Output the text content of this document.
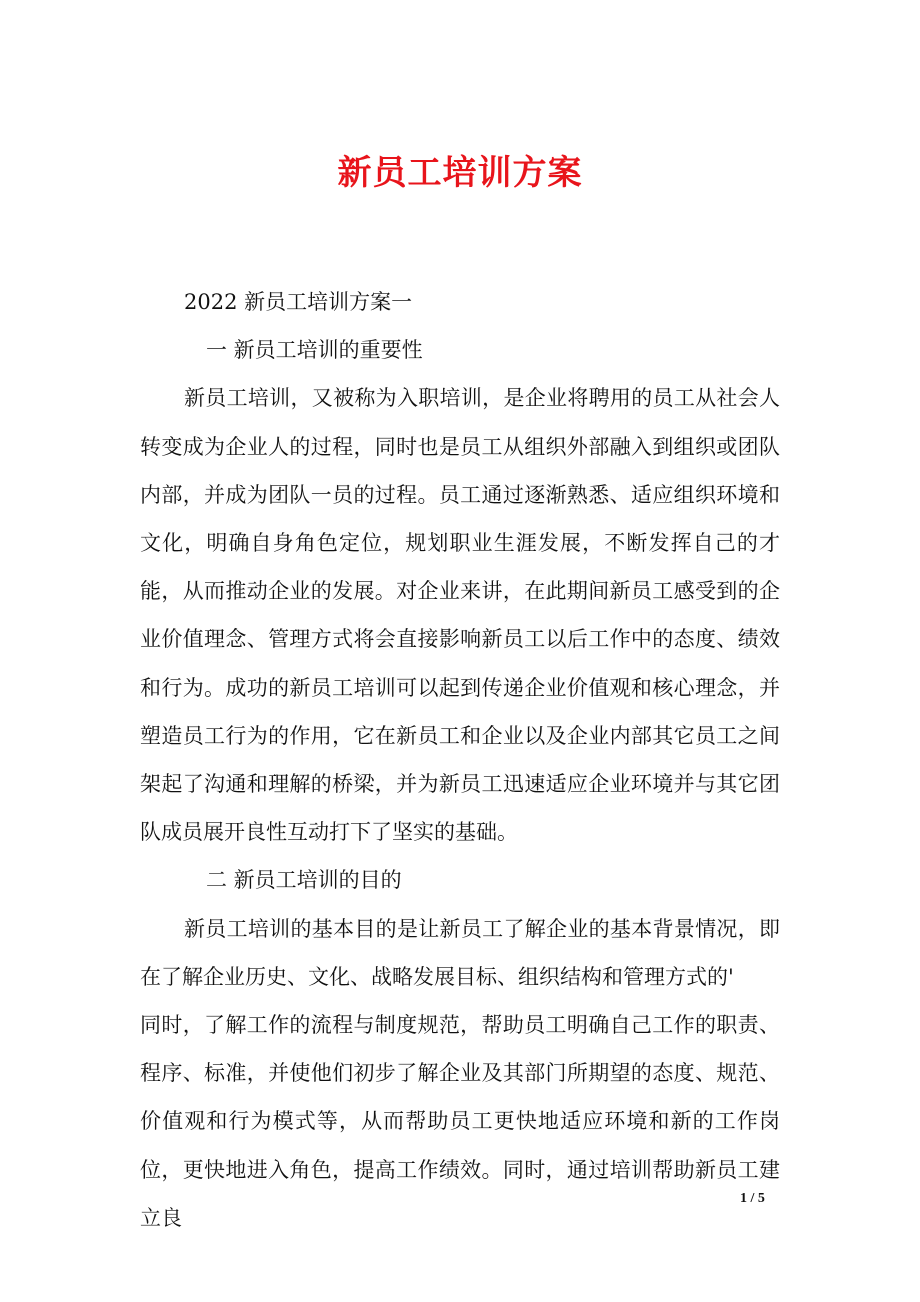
新员工培训方案

2022 新员工培训方案一

一 新员工培训的重要性

新员工培训，又被称为入职培训，是企业将聘用的员工从社会人转变成为企业人的过程，同时也是员工从组织外部融入到组织或团队内部，并成为团队一员的过程。员工通过逐渐熟悉、适应组织环境和文化，明确自身角色定位，规划职业生涯发展，不断发挥自己的才能，从而推动企业的发展。对企业来讲，在此期间新员工感受到的企业价值理念、管理方式将会直接影响新员工以后工作中的态度、绩效和行为。成功的新员工培训可以起到传递企业价值观和核心理念，并塑造员工行为的作用，它在新员工和企业以及企业内部其它员工之间架起了沟通和理解的桥梁，并为新员工迅速适应企业环境并与其它团队成员展开良性互动打下了坚实的基础。

二 新员工培训的目的

新员工培训的基本目的是让新员工了解企业的基本背景情况，即在了解企业历史、文化、战略发展目标、组织结构和管理方式的'

同时，了解工作的流程与制度规范，帮助员工明确自己工作的职责、程序、标准，并使他们初步了解企业及其部门所期望的态度、规范、价值观和行为模式等，从而帮助员工更快地适应环境和新的工作岗位，更快地进入角色，提高工作绩效。同时，通过培训帮助新员工建立良

1 / 5
